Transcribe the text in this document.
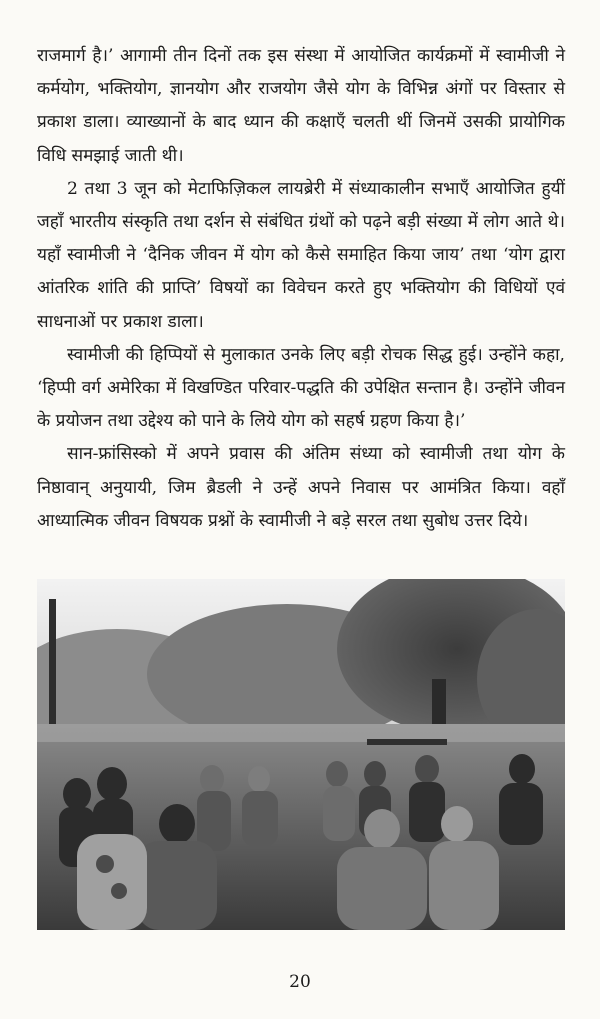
राजमार्ग है।’ आगामी तीन दिनों तक इस संस्था में आयोजित कार्यक्रमों में स्वामीजी ने कर्मयोग, भक्तियोग, ज्ञानयोग और राजयोग जैसे योग के विभिन्न अंगों पर विस्तार से प्रकाश डाला। व्याख्यानों के बाद ध्यान की कक्षाएँ चलती थीं जिनमें उसकी प्रायोगिक विधि समझाई जाती थी।

2 तथा 3 जून को मेटाफिज़िकल लायब्रेरी में संध्याकालीन सभाएँ आयोजित हुयीं जहाँ भारतीय संस्कृति तथा दर्शन से संबंधित ग्रंथों को पढ़ने बड़ी संख्या में लोग आते थे। यहाँ स्वामीजी ने ‘दैनिक जीवन में योग को कैसे समाहित किया जाय’ तथा ‘योग द्वारा आंतरिक शांति की प्राप्ति’ विषयों का विवेचन करते हुए भक्तियोग की विधियों एवं साधनाओं पर प्रकाश डाला।

स्वामीजी की हिप्पियों से मुलाकात उनके लिए बड़ी रोचक सिद्ध हुई। उन्होंने कहा, ‘हिप्पी वर्ग अमेरिका में विखण्डित परिवार-पद्धति की उपेक्षित सन्तान है। उन्होंने जीवन के प्रयोजन तथा उद्देश्य को पाने के लिये योग को सहर्ष ग्रहण किया है।’

सान-फ्रांसिस्को में अपने प्रवास की अंतिम संध्या को स्वामीजी तथा योग के निष्ठावान् अनुयायी, जिम ब्रैडली ने उन्हें अपने निवास पर आमंत्रित किया। वहाँ आध्यात्मिक जीवन विषयक प्रश्नों के स्वामीजी ने बड़े सरल तथा सुबोध उत्तर दिये।

20
